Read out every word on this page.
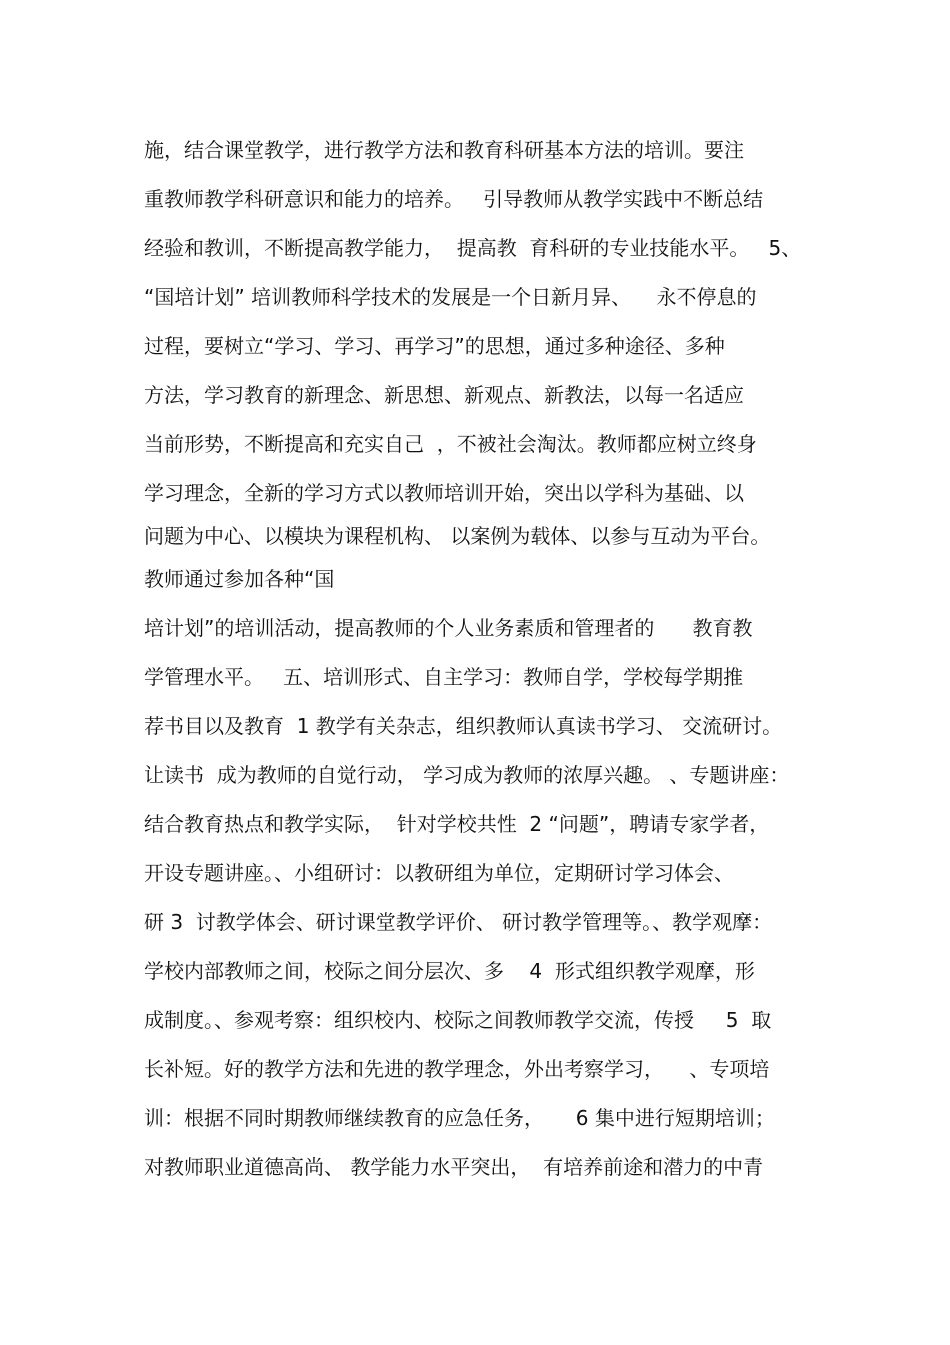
施，结合课堂教学，进行教学方法和教育科研基本方法的培训。要注
重教师教学科研意识和能力的培养。   引导教师从教学实践中不断总结
经验和教训，不断提高教学能力，  提高教  育科研的专业技能水平。   5、
“国培计划” 培训教师科学技术的发展是一个日新月异、    永不停息的
过程，要树立“学习、学习、再学习”的思想，通过多种途径、多种
方法，学习教育的新理念、新思想、新观点、新教法，以每一名适应
当前形势，不断提高和充实自己  ，不被社会淘汰。教师都应树立终身
学习理念，全新的学习方式以教师培训开始，突出以学科为基础、以
问题为中心、以模块为课程机构、 以案例为载体、以参与互动为平台。
教师通过参加各种“国
培计划”的培训活动，提高教师的个人业务素质和管理者的      教育教
学管理水平。   五、培训形式、自主学习：教师自学，学校每学期推
荐书目以及教育  1 教学有关杂志，组织教师认真读书学习、 交流研讨。
让读书  成为教师的自觉行动， 学习成为教师的浓厚兴趣。 、专题讲座：
结合教育热点和教学实际，  针对学校共性  2 “问题”，聘请专家学者，
开设专题讲座。、小组研讨：以教研组为单位，定期研讨学习体会、
研 3  讨教学体会、研讨课堂教学评价、 研讨教学管理等。、教学观摩：
学校内部教师之间，校际之间分层次、多    4  形式组织教学观摩，形
成制度。、参观考察：组织校内、校际之间教师教学交流，传授     5  取
长补短。好的教学方法和先进的教学理念，外出考察学习，    、专项培
训：根据不同时期教师继续教育的应急任务，     6 集中进行短期培训；
对教师职业道德高尚、 教学能力水平突出，  有培养前途和潜力的中青
